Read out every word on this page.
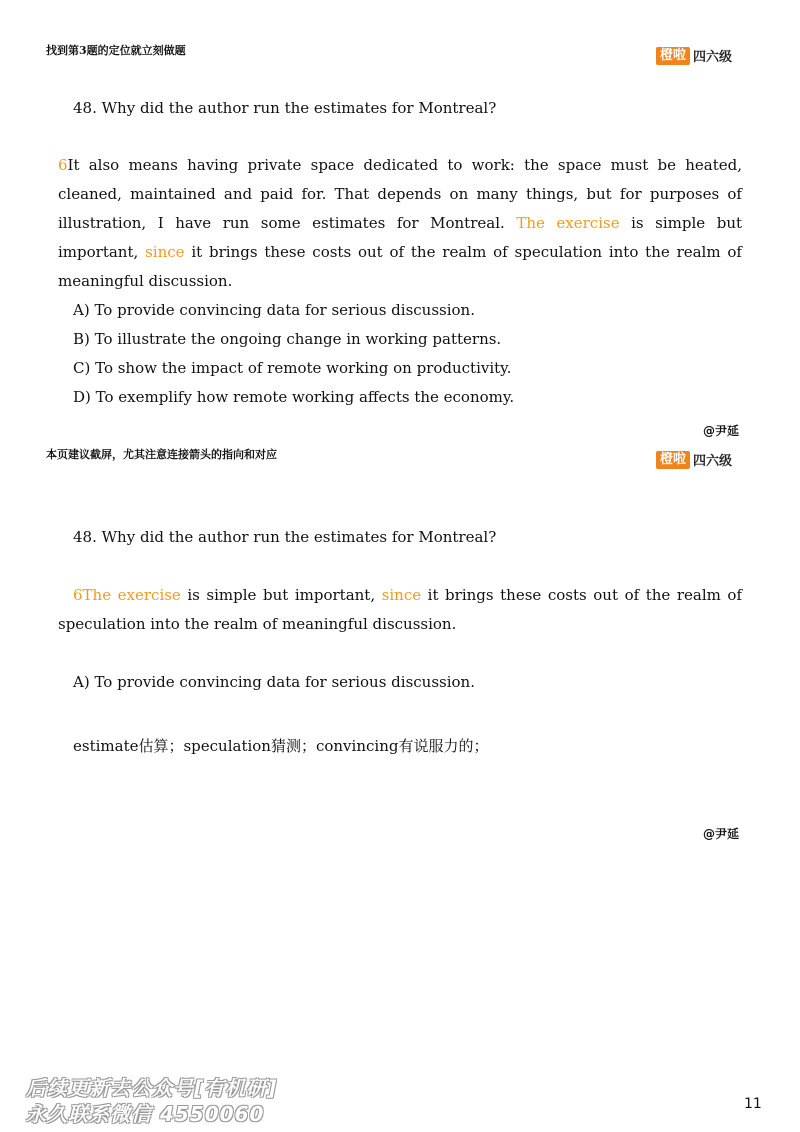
找到第3题的定位就立刻做题	橙啦 四六级
48. Why did the author run the estimates for Montreal?
6It also means having private space dedicated to work: the space must be heated, cleaned, maintained and paid for. That depends on many things, but for purposes of illustration, I have run some estimates for Montreal. The exercise is simple but important, since it brings these costs out of the realm of speculation into the realm of meaningful discussion.
A) To provide convincing data for serious discussion.
B) To illustrate the ongoing change in working patterns.
C) To show the impact of remote working on productivity.
D) To exemplify how remote working affects the economy.
@尹延
本页建议截屏，尤其注意连接箭头的指向和对应	橙啦 四六级
48. Why did the author run the estimates for Montreal?
6The exercise is simple but important, since it brings these costs out of the realm of speculation into the realm of meaningful discussion.
A) To provide convincing data for serious discussion.
estimate估算；speculation猜测；convincing有说服力的；
@尹延
后续更新去公众号[有机研]
永久联系微信 4550060	11
